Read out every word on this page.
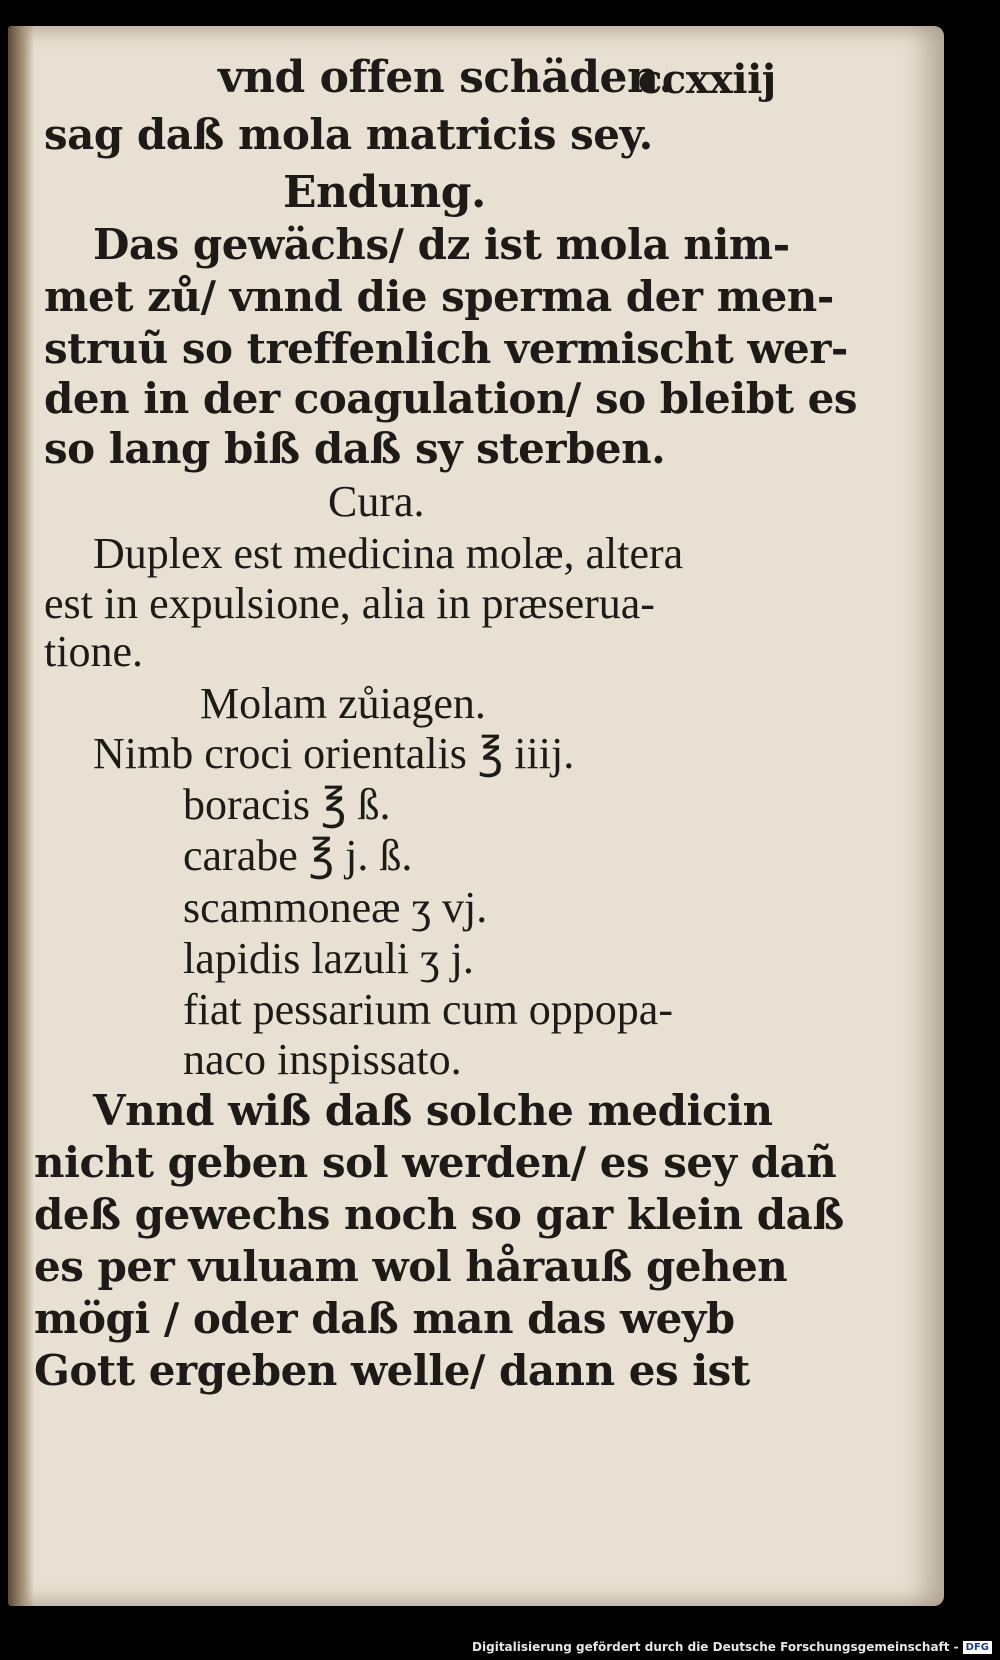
vnd offen schäden.
ccxxiij
sag daß mola matricis sey.
Endung.
Das gewächs/ dz ist mola nim-
met zů/ vnnd die sperma der men-
struũ so treffenlich vermischt wer-
den in der coagulation/ so bleibt es
so lang biß daß sy sterben.
Cura.
Duplex est medicina molæ, altera
est in expulsione, alia in præserua-
tione.
Molam zůiagen.
Nimb croci orientalis ℥ iiij.
boracis ℥ ß.
carabe ℥ j. ß.
scammoneæ ʒ vj.
lapidis lazuli ʒ j.
fiat pessarium cum oppopa-
naco inspissato.
Vnnd wiß daß solche medicin
nicht geben sol werden/ es sey dañ
deß gewechs noch so gar klein daß
es per vuluam wol hårauß gehen
mögi / oder daß man das weyb
Gott ergeben welle/ dann es ist
Digitalisierung gefördert durch die Deutsche Forschungsgemeinschaft - DFG
